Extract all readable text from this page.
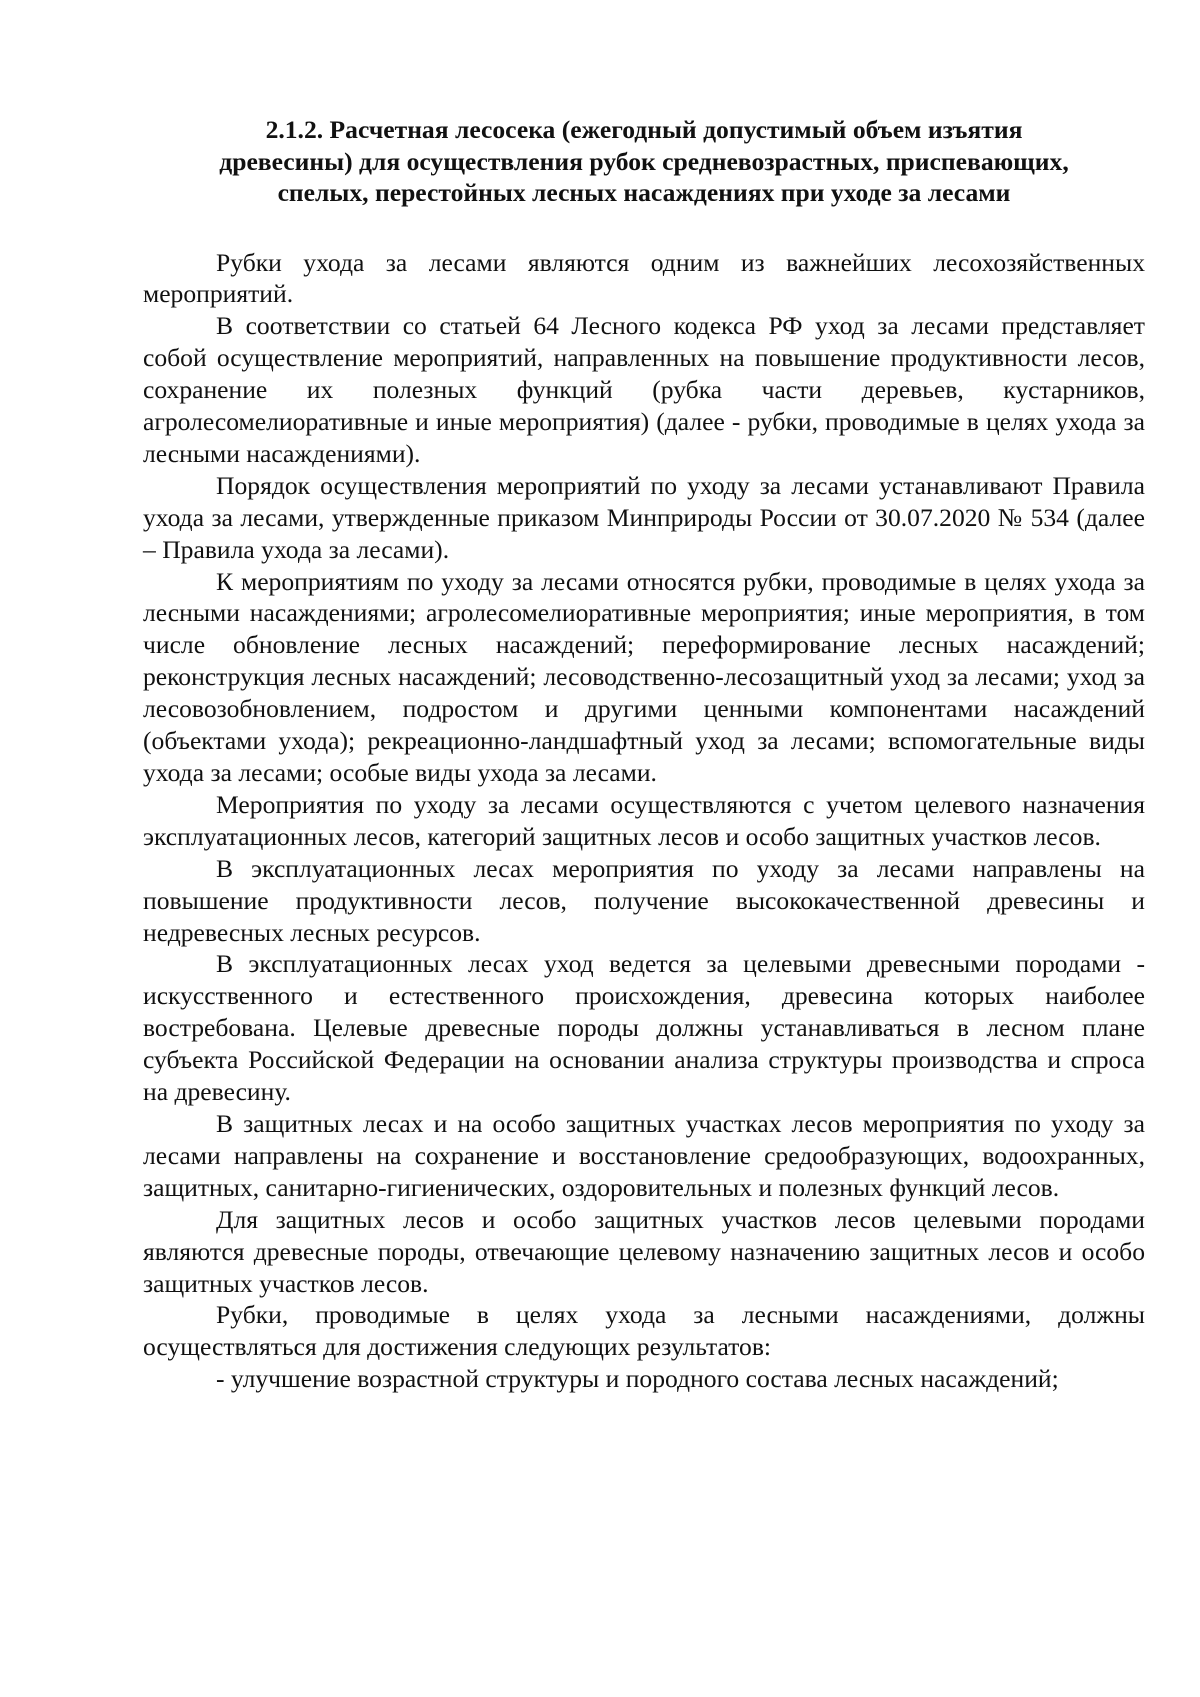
2.1.2. Расчетная лесосека (ежегодный допустимый объем изъятия
древесины) для осуществления рубок средневозрастных, приспевающих,
спелых, перестойных лесных насаждениях при уходе за лесами

Рубки ухода за лесами являются одним из важнейших лесохозяйственных мероприятий.

В соответствии со статьей 64 Лесного кодекса РФ уход за лесами представляет собой осуществление мероприятий, направленных на повышение продуктивности лесов, сохранение их полезных функций (рубка части деревьев, кустарников, агролесомелиоративные и иные мероприятия) (далее - рубки, проводимые в целях ухода за лесными насаждениями).

Порядок осуществления мероприятий по уходу за лесами устанавливают Правила ухода за лесами, утвержденные приказом Минприроды России от 30.07.2020 № 534 (далее – Правила ухода за лесами).

К мероприятиям по уходу за лесами относятся рубки, проводимые в целях ухода за лесными насаждениями; агролесомелиоративные мероприятия; иные мероприятия, в том числе обновление лесных насаждений; переформирование лесных насаждений; реконструкция лесных насаждений; лесоводственно-лесозащитный уход за лесами; уход за лесовозобновлением, подростом и другими ценными компонентами насаждений (объектами ухода); рекреационно-ландшафтный уход за лесами; вспомогательные виды ухода за лесами; особые виды ухода за лесами.

Мероприятия по уходу за лесами осуществляются с учетом целевого назначения эксплуатационных лесов, категорий защитных лесов и особо защитных участков лесов.

В эксплуатационных лесах мероприятия по уходу за лесами направлены на повышение продуктивности лесов, получение высококачественной древесины и недревесных лесных ресурсов.

В эксплуатационных лесах уход ведется за целевыми древесными породами - искусственного и естественного происхождения, древесина которых наиболее востребована. Целевые древесные породы должны устанавливаться в лесном плане субъекта Российской Федерации на основании анализа структуры производства и спроса на древесину.

В защитных лесах и на особо защитных участках лесов мероприятия по уходу за лесами направлены на сохранение и восстановление средообразующих, водоохранных, защитных, санитарно-гигиенических, оздоровительных и полезных функций лесов.

Для защитных лесов и особо защитных участков лесов целевыми породами являются древесные породы, отвечающие целевому назначению защитных лесов и особо защитных участков лесов.

Рубки, проводимые в целях ухода за лесными насаждениями, должны осуществляться для достижения следующих результатов:

- улучшение возрастной структуры и породного состава лесных насаждений;
